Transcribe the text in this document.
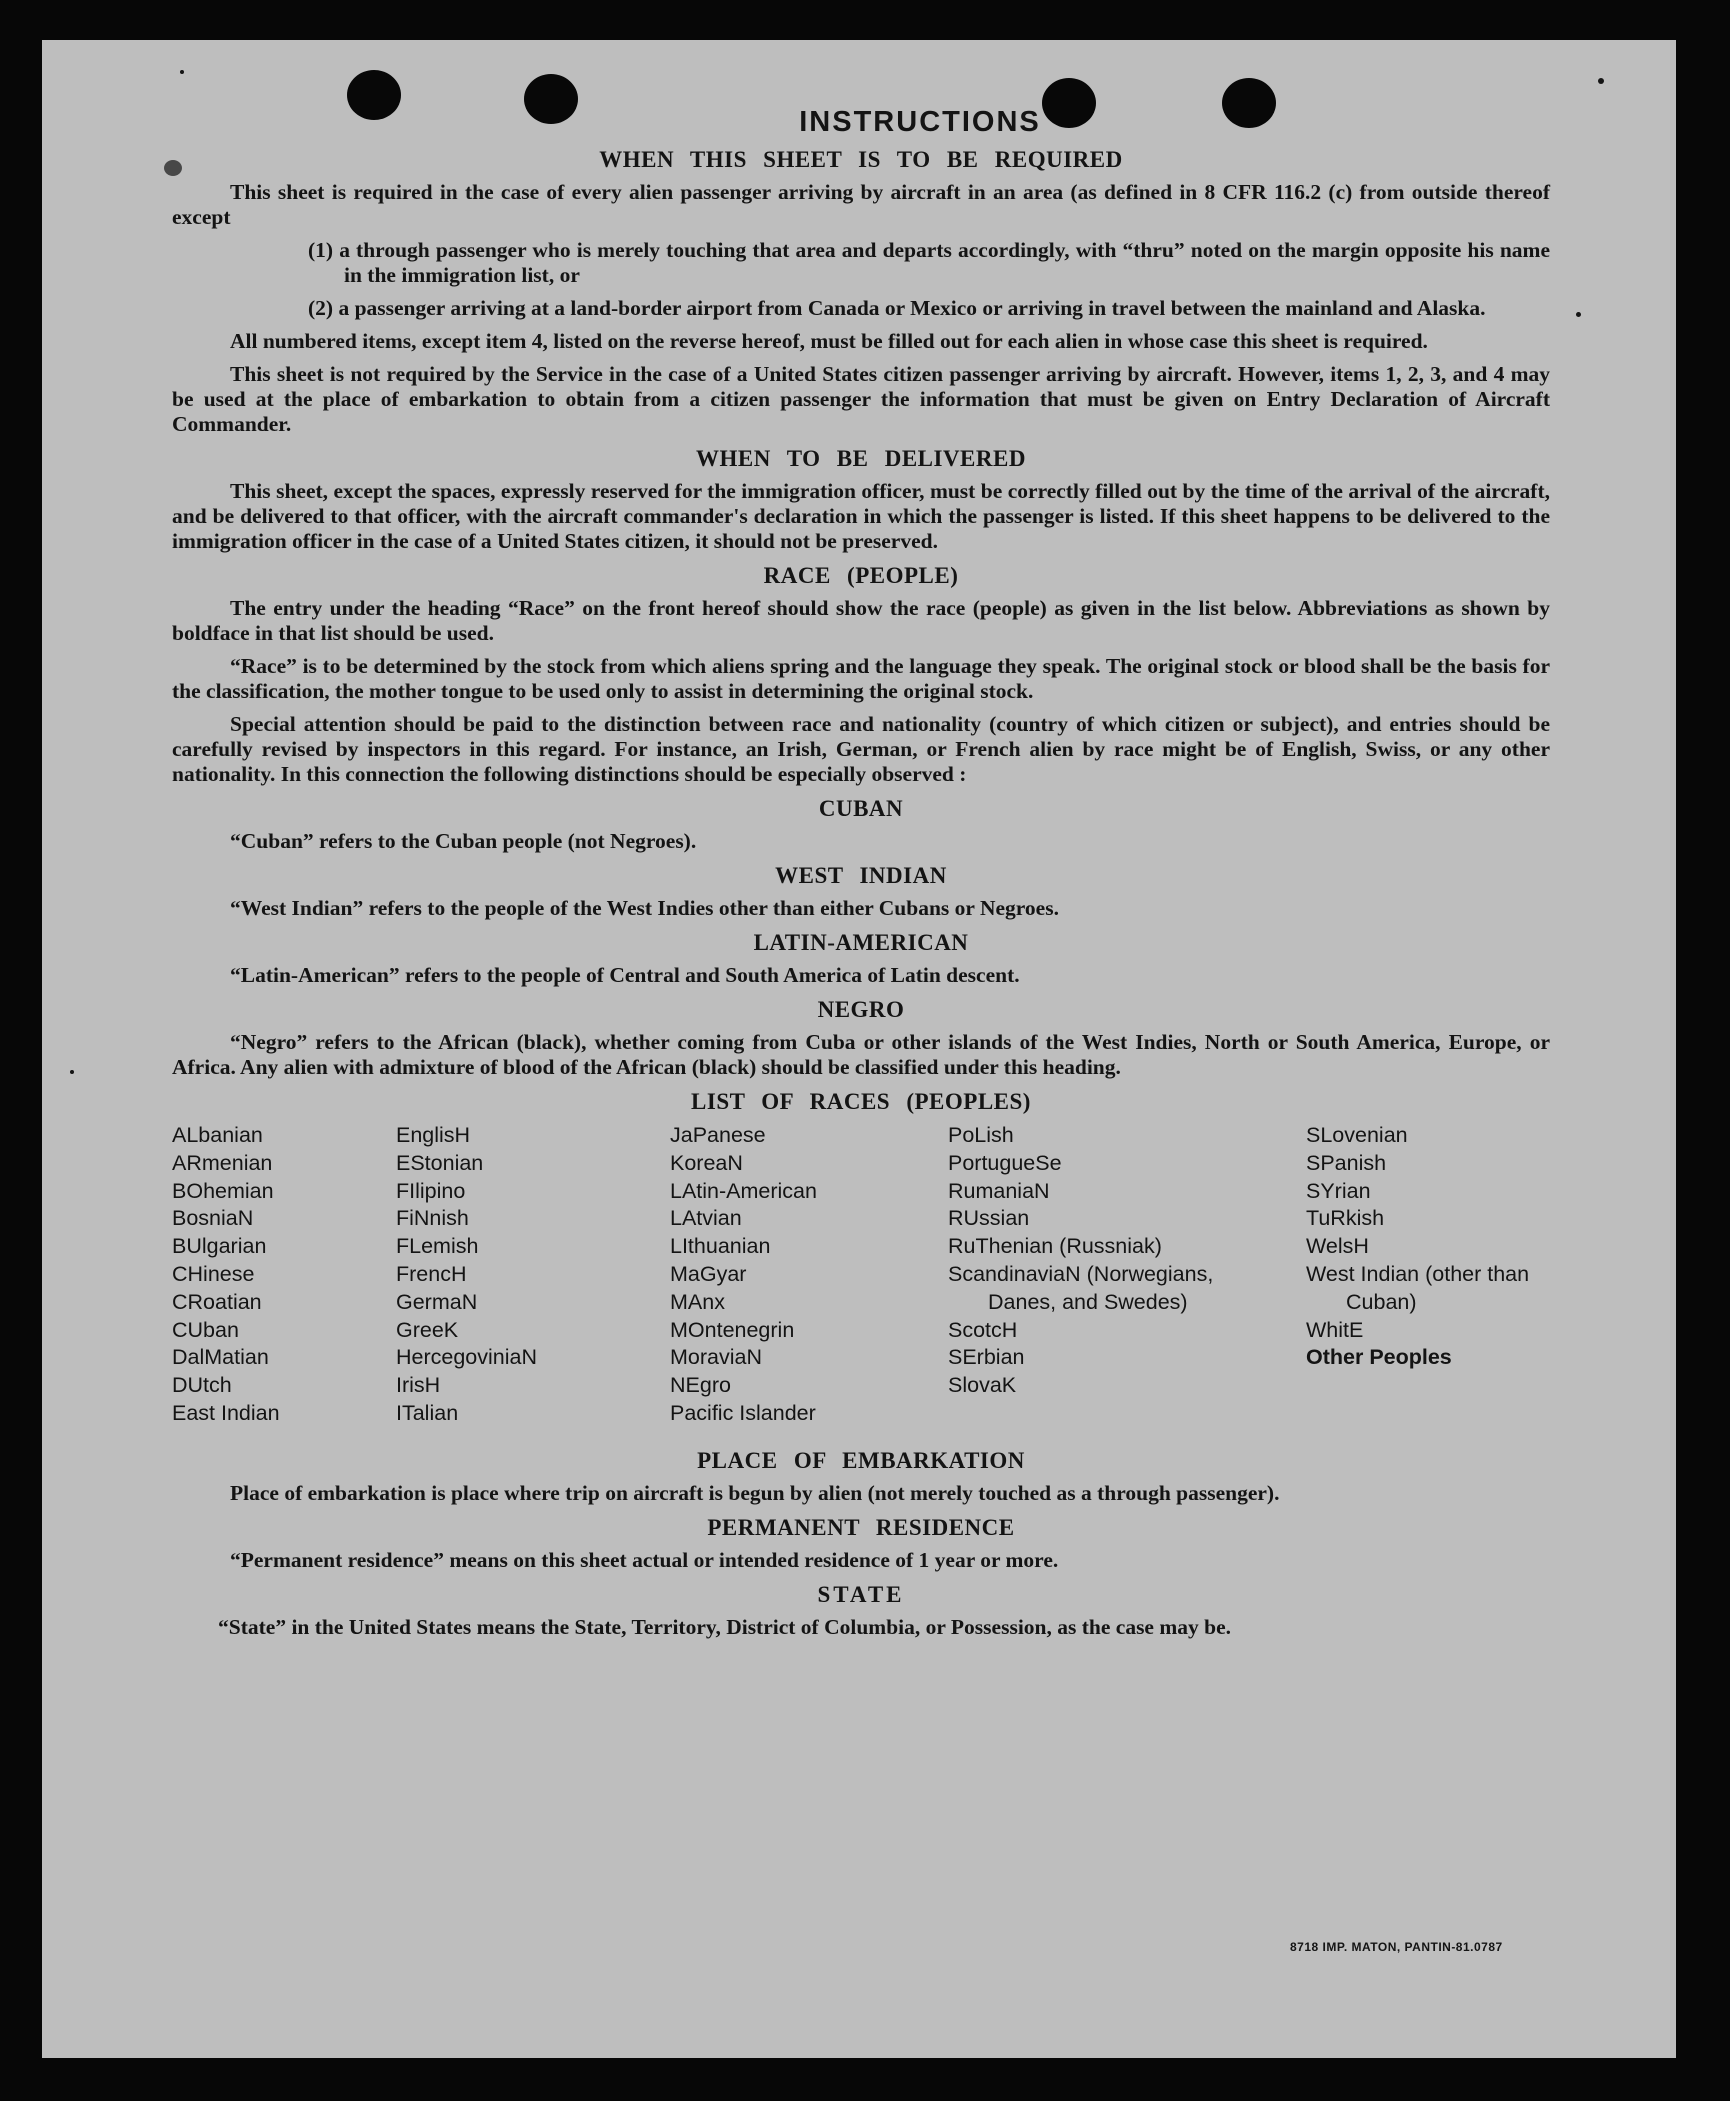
INSTRUCTIONS
WHEN THIS SHEET IS TO BE REQUIRED

This sheet is required in the case of every alien passenger arriving by aircraft in an area (as defined in 8 CFR 116.2 (c) from outside thereof except

(1) a through passenger who is merely touching that area and departs accordingly, with “thru” noted on the margin opposite his name in the immigration list, or

(2) a passenger arriving at a land-border airport from Canada or Mexico or arriving in travel between the mainland and Alaska.

All numbered items, except item 4, listed on the reverse hereof, must be filled out for each alien in whose case this sheet is required.

This sheet is not required by the Service in the case of a United States citizen passenger arriving by aircraft. However, items 1, 2, 3, and 4 may be used at the place of embarkation to obtain from a citizen passenger the information that must be given on Entry Declaration of Aircraft Commander.

WHEN TO BE DELIVERED

This sheet, except the spaces, expressly reserved for the immigration officer, must be correctly filled out by the time of the arrival of the aircraft, and be delivered to that officer, with the aircraft commander's declaration in which the passenger is listed. If this sheet happens to be delivered to the immigration officer in the case of a United States citizen, it should not be preserved.

RACE (PEOPLE)

The entry under the heading “Race” on the front hereof should show the race (people) as given in the list below. Abbreviations as shown by boldface in that list should be used.

“Race” is to be determined by the stock from which aliens spring and the language they speak. The original stock or blood shall be the basis for the classification, the mother tongue to be used only to assist in determining the original stock.

Special attention should be paid to the distinction between race and nationality (country of which citizen or subject), and entries should be carefully revised by inspectors in this regard. For instance, an Irish, German, or French alien by race might be of English, Swiss, or any other nationality. In this connection the following distinctions should be especially observed :

CUBAN

“Cuban” refers to the Cuban people (not Negroes).

WEST INDIAN

“West Indian” refers to the people of the West Indies other than either Cubans or Negroes.

LATIN-AMERICAN

“Latin-American” refers to the people of Central and South America of Latin descent.

NEGRO

“Negro” refers to the African (black), whether coming from Cuba or other islands of the West Indies, North or South America, Europe, or Africa. Any alien with admixture of blood of the African (black) should be classified under this heading.

LIST OF RACES (PEOPLES)
ALbanian
ARmenian
BOhemian
BosniaN
BUlgarian
CHinese
CRoatian
CUban
DalMatian
DUtch
East Indian
EnglisH
EStonian
FIlipino
FiNnish
FLemish
FrencH
GermaN
GreeK
HercegoviniaN
IrisH
ITalian
JaPanese
KoreaN
LAtin-American
LAtvian
LIthuanian
MaGyar
MAnx
MOntenegrin
MoraviaN
NEgro
Pacific Islander
PoLish
PortugueSe
RumaniaN
RUssian
RuThenian (Russniak)
ScandinaviaN (Norwegians, Danes, and Swedes)
ScotcH
SErbian
SlovaK
SLovenian
SPanish
SYrian
TuRkish
WelsH
West Indian (other than Cuban)
WhitE
Other Peoples
PLACE OF EMBARKATION

Place of embarkation is place where trip on aircraft is begun by alien (not merely touched as a through passenger).

PERMANENT RESIDENCE

“Permanent residence” means on this sheet actual or intended residence of 1 year or more.

STATE

“State” in the United States means the State, Territory, District of Columbia, or Possession, as the case may be.

8718 IMP. MATON, PANTIN-81.0787
